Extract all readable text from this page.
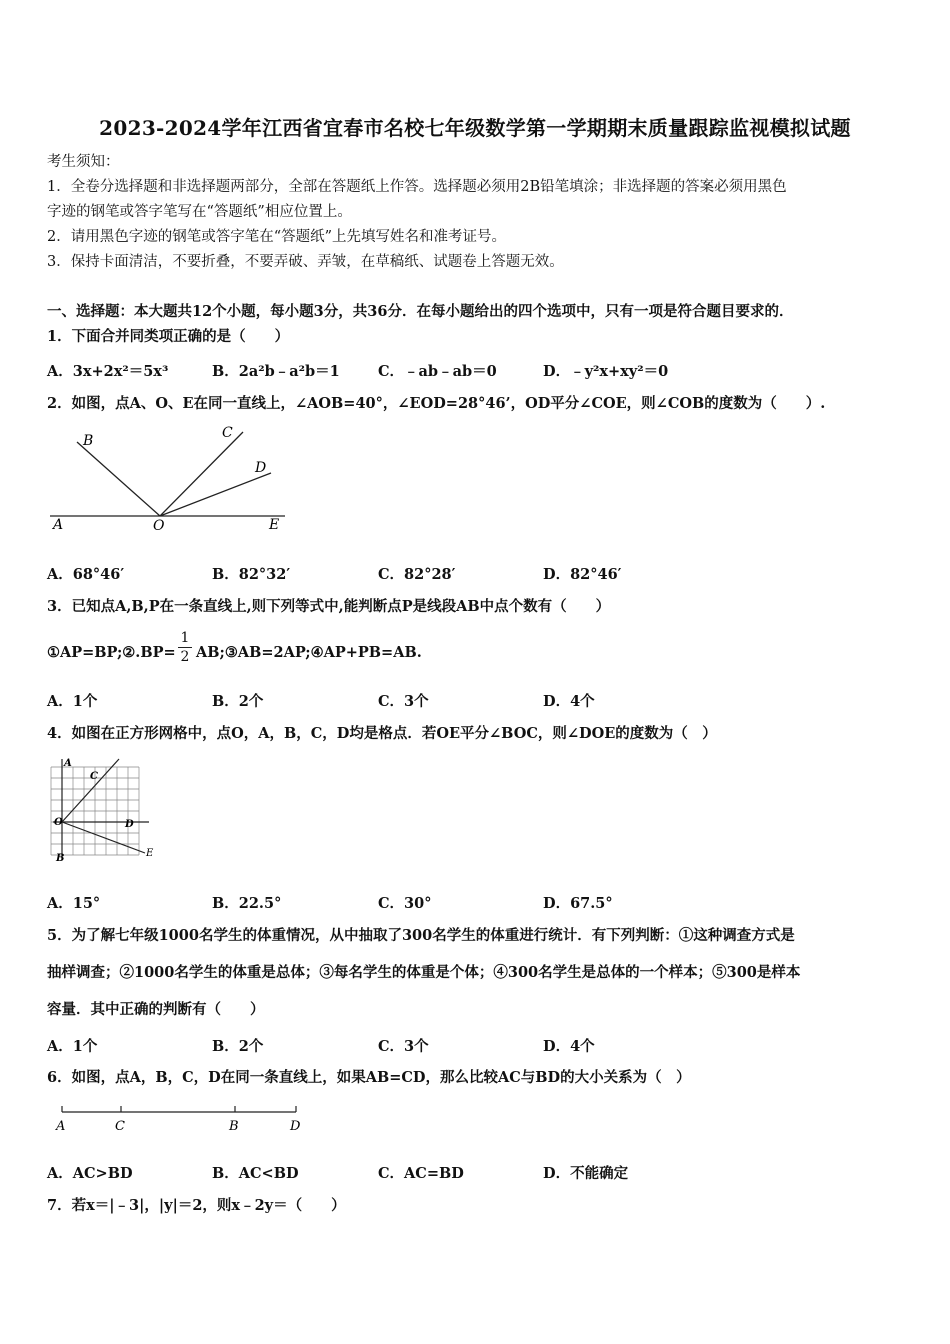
2023-2024学年江西省宜春市名校七年级数学第一学期期末质量跟踪监视模拟试题
考生须知：
1．全卷分选择题和非选择题两部分，全部在答题纸上作答。选择题必须用2B铅笔填涂；非选择题的答案必须用黑色
字迹的钢笔或答字笔写在“答题纸”相应位置上。
2．请用黑色字迹的钢笔或答字笔在“答题纸”上先填写姓名和准考证号。
3．保持卡面清洁，不要折叠，不要弄破、弄皱，在草稿纸、试题卷上答题无效。
一、选择题：本大题共12个小题，每小题3分，共36分．在每小题给出的四个选项中，只有一项是符合题目要求的．
1．下面合并同类项正确的是（　　）
A．3x+2x²＝5x³	B．2a²b﹣a²b＝1	C．﹣ab﹣ab＝0	D．﹣y²x+xy²＝0
2．如图，点A、O、E在同一直线上，∠AOB=40°，∠EOD=28°46’，OD平分∠COE，则∠COB的度数为（　　）.
B	C
D
A	O	E
A．68°46′	B．82°32′	C．82°28′	D．82°46′
3．已知点A,B,P在一条直线上,则下列等式中,能判断点P是线段AB中点个数有（　　）
①AP=BP;②.BP= $\frac{1}{2}$ AB;③AB=2AP;④AP+PB=AB.
A．1个	B．2个	C．3个	D．4个
4．如图在正方形网格中，点O，A，B，C，D均是格点．若OE平分∠BOC，则∠DOE的度数为（　）
A
C
O	D
B	E
A．15°	B．22.5°	C．30°	D．67.5°
5．为了解七年级1000名学生的体重情况，从中抽取了300名学生的体重进行统计．有下列判断：①这种调查方式是
抽样调查；②1000名学生的体重是总体；③每名学生的体重是个体；④300名学生是总体的一个样本；⑤300是样本
容量．其中正确的判断有（　　）
A．1个	B．2个	C．3个	D．4个
6．如图，点A，B，C，D在同一条直线上，如果AB=CD，那么比较AC与BD的大小关系为（　）
A	C	B	D
A．AC>BD	B．AC<BD	C．AC=BD	D．不能确定
7．若x＝|﹣3|，|y|＝2，则x﹣2y＝（　　）
